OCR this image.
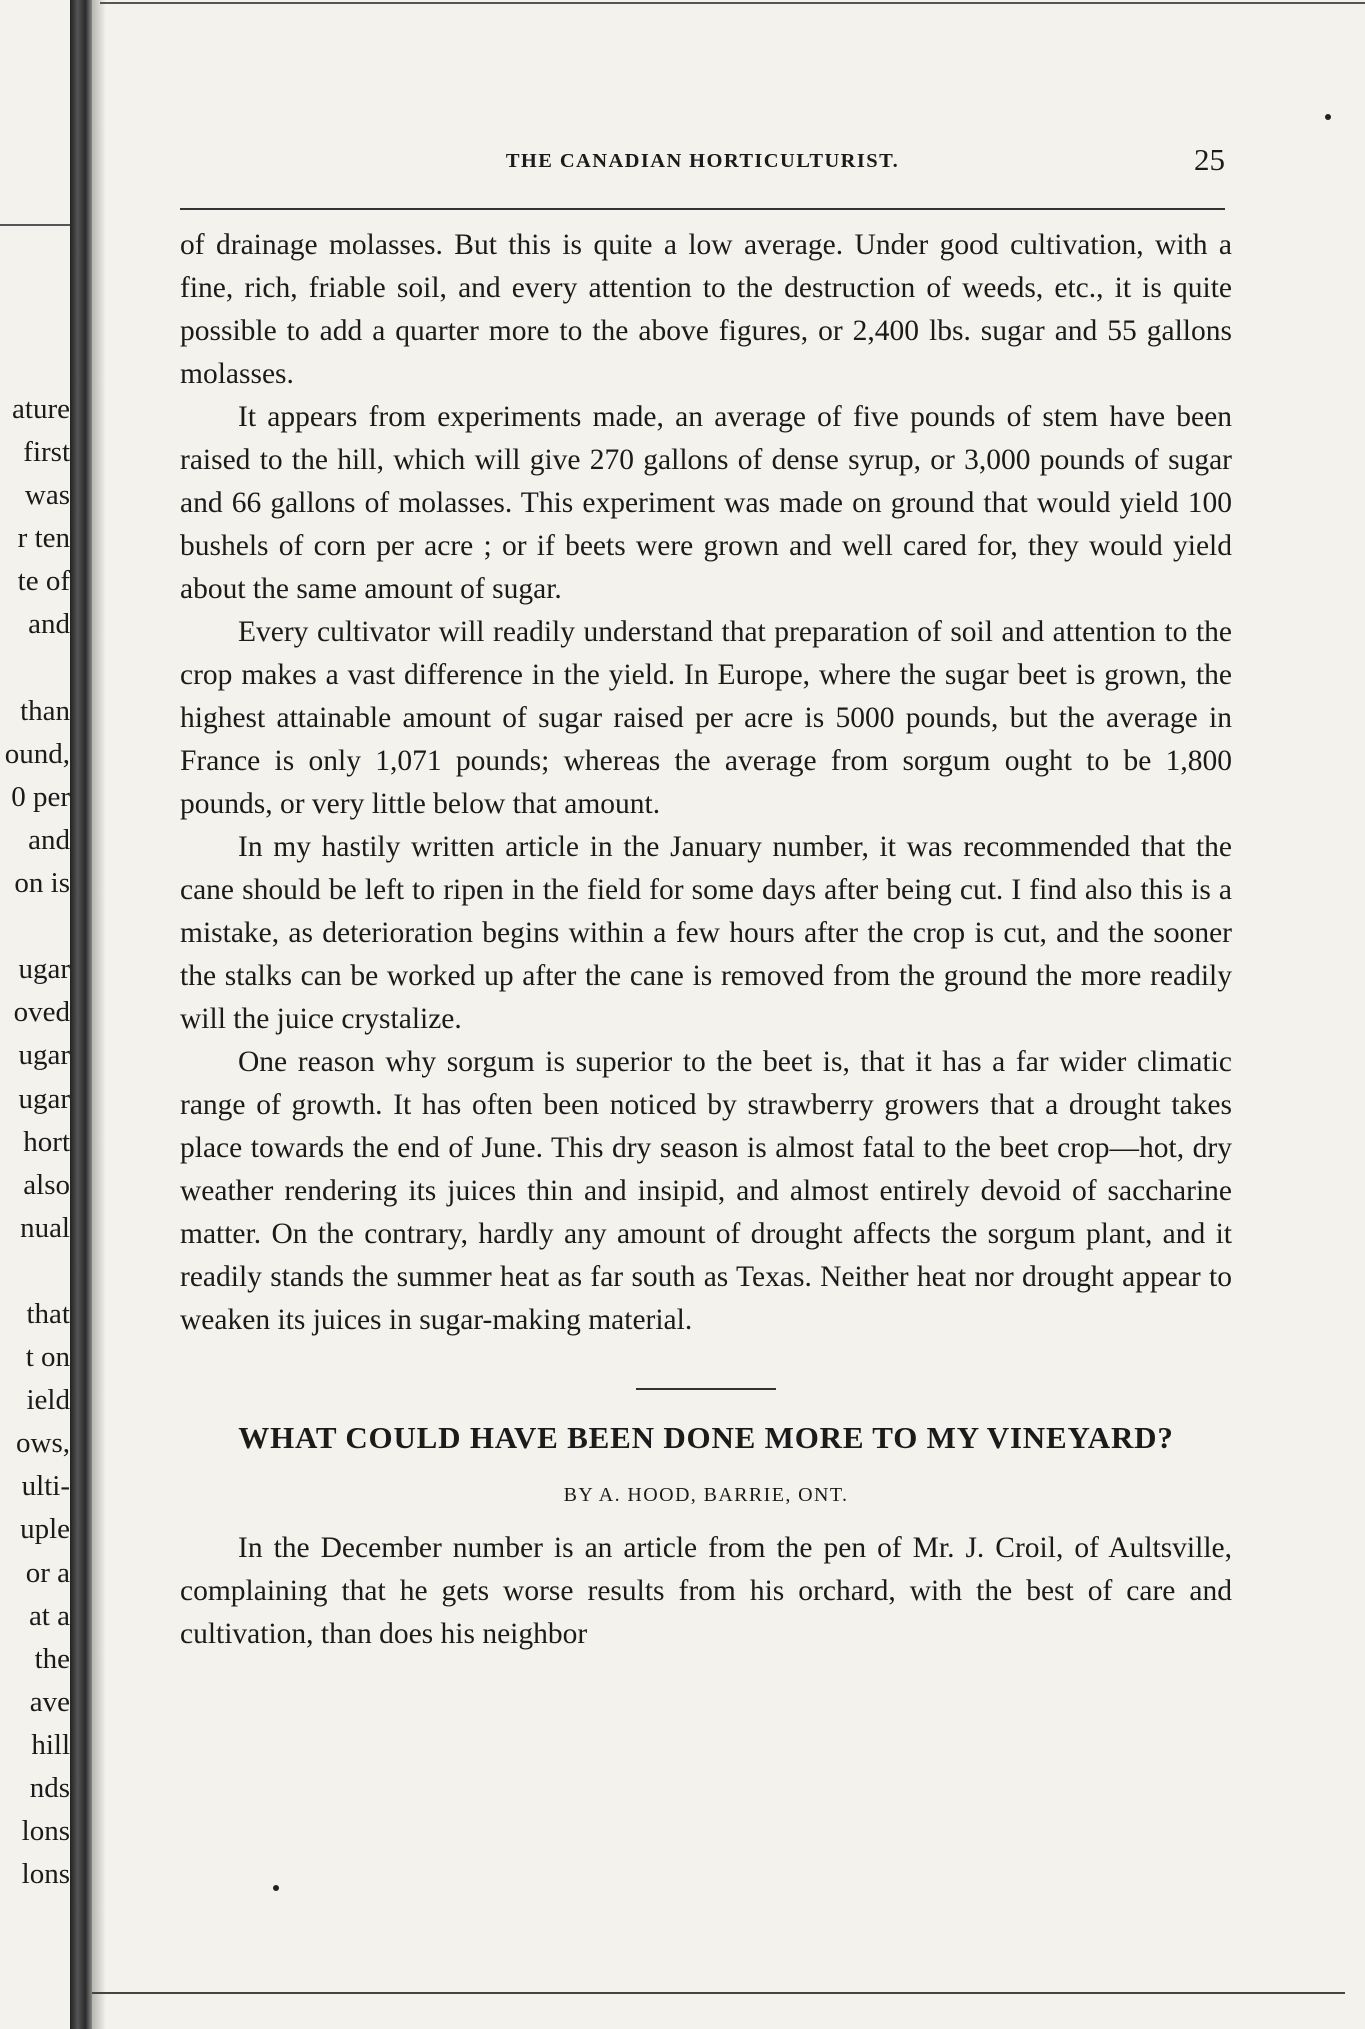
ature
first
was
r ten
te of
and
than
ound,
0 per
and
on is
ugar
oved
ugar
ugar
hort
also
nual
that
t on
ield
ows,
ulti-
uple
or a
at a
the
ave
hill
nds
lons
lons
THE CANADIAN HORTICULTURIST.	25

of drainage molasses. But this is quite a low average. Under good cultivation, with a fine, rich, friable soil, and every attention to the destruction of weeds, etc., it is quite possible to add a quarter more to the above figures, or 2,400 lbs. sugar and 55 gallons molasses.

It appears from experiments made, an average of five pounds of stem have been raised to the hill, which will give 270 gallons of dense syrup, or 3,000 pounds of sugar and 66 gallons of molasses. This experiment was made on ground that would yield 100 bushels of corn per acre ; or if beets were grown and well cared for, they would yield about the same amount of sugar.

Every cultivator will readily understand that preparation of soil and attention to the crop makes a vast difference in the yield. In Europe, where the sugar beet is grown, the highest attainable amount of sugar raised per acre is 5000 pounds, but the average in France is only 1,071 pounds; whereas the average from sorgum ought to be 1,800 pounds, or very little below that amount.

In my hastily written article in the January number, it was recommended that the cane should be left to ripen in the field for some days after being cut. I find also this is a mistake, as deterioration begins within a few hours after the crop is cut, and the sooner the stalks can be worked up after the cane is removed from the ground the more readily will the juice crystalize.

One reason why sorgum is superior to the beet is, that it has a far wider climatic range of growth. It has often been noticed by strawberry growers that a drought takes place towards the end of June. This dry season is almost fatal to the beet crop—hot, dry weather rendering its juices thin and insipid, and almost entirely devoid of saccharine matter. On the contrary, hardly any amount of drought affects the sorgum plant, and it readily stands the summer heat as far south as Texas. Neither heat nor drought appear to weaken its juices in sugar-making material.

WHAT COULD HAVE BEEN DONE MORE TO MY VINEYARD?
BY A. HOOD, BARRIE, ONT.

In the December number is an article from the pen of Mr. J. Croil, of Aultsville, complaining that he gets worse results from his orchard, with the best of care and cultivation, than does his neighbor
